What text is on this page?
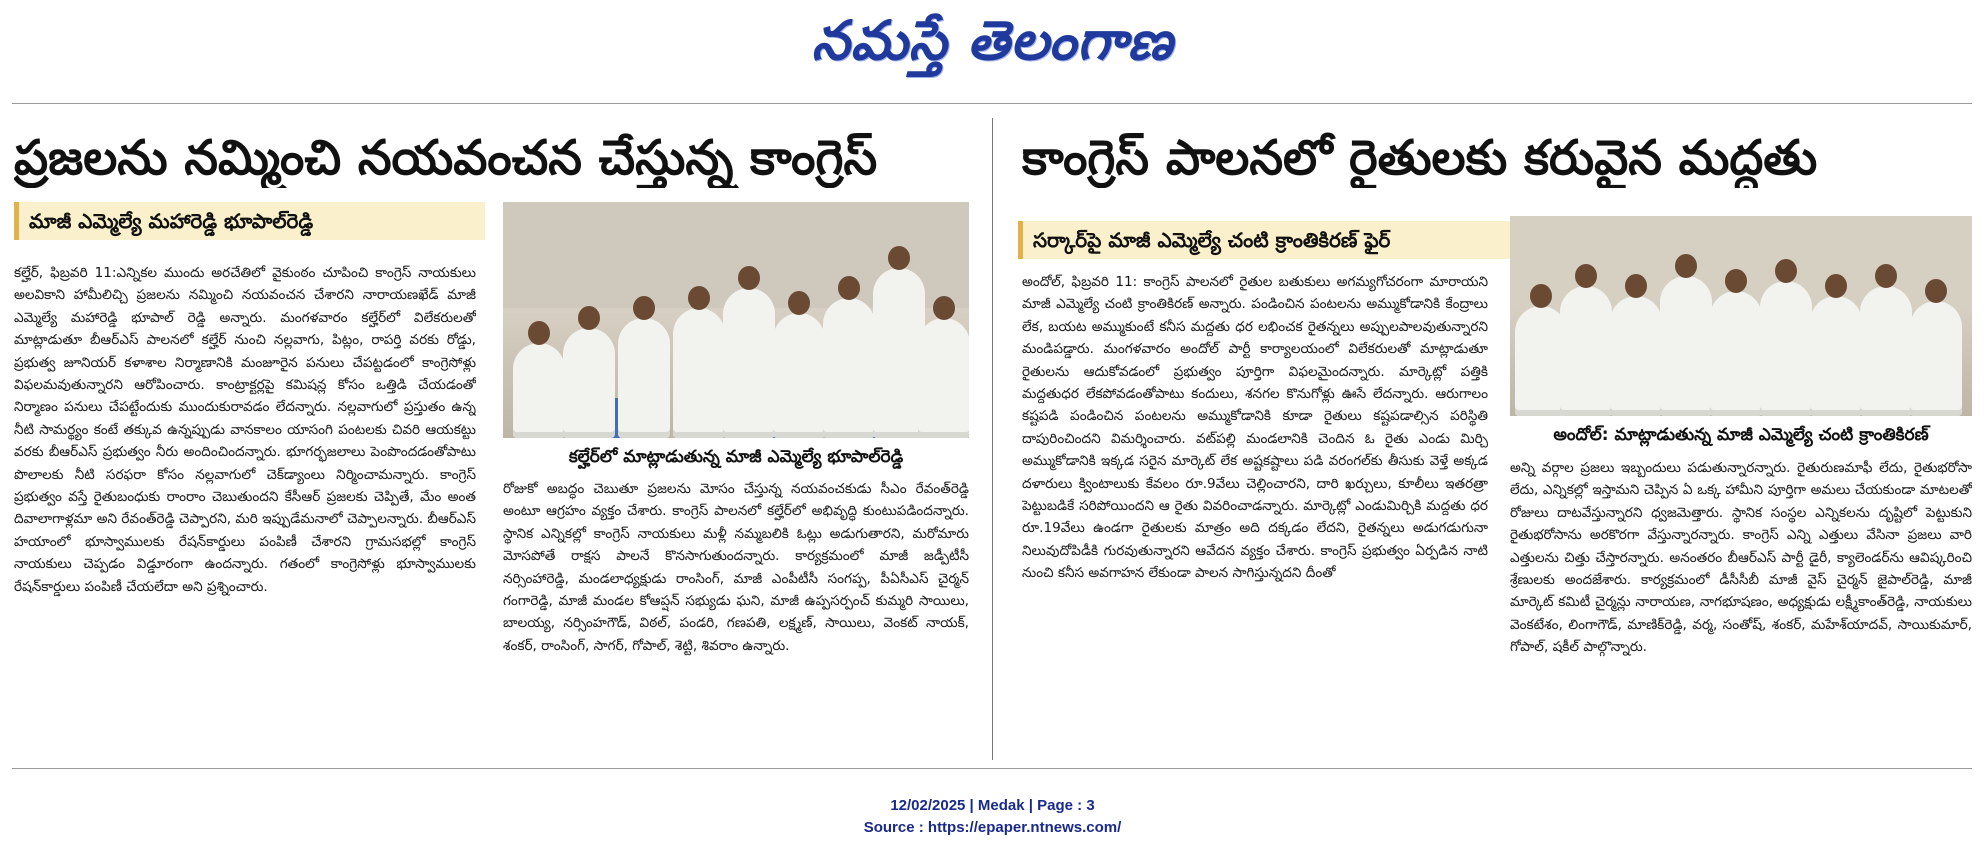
నమస్తే తెలంగాణ
ప్రజలను నమ్మించి నయవంచన చేస్తున్న కాంగ్రెస్
మాజీ ఎమ్మెల్యే మహారెడ్డి భూపాల్‌రెడ్డి
కల్హేర్‌లో మాట్లాడుతున్న మాజీ ఎమ్మెల్యే భూపాల్‌రెడ్డి

కల్హేర్, ఫిబ్రవరి 11:ఎన్నికల ముందు అరచేతిలో వైకుంఠం చూపించి కాంగ్రెస్ నాయకులు అలవికాని హామీలిచ్చి ప్రజలను నమ్మించి నయవంచన చేశారని నారాయణఖేడ్ మాజీ ఎమ్మెల్యే మహారెడ్డి భూపాల్ రెడ్డి అన్నారు. మంగళవారం కల్హేర్‌లో విలేకరులతో మాట్లాడుతూ బీఆర్ఎస్ పాలనలో కల్హేర్ నుంచి నల్లవాగు, పిట్లం, రాపర్తి వరకు రోడ్డు, ప్రభుత్వ జూనియర్ కళాశాల నిర్మాణానికి మంజూరైన పనులు చేపట్టడంలో కాంగ్రెసోళ్లు విఫలమవుతున్నారని ఆరోపించారు. కాంట్రాక్టర్లపై కమిషన్ల కోసం ఒత్తిడి చేయడంతో నిర్మాణం పనులు చేపట్టేందుకు ముందుకురావడం లేదన్నారు. నల్లవాగులో ప్రస్తుతం ఉన్న నీటి సామర్థ్యం కంటే తక్కువ ఉన్నప్పుడు వానకాలం యాసంగి పంటలకు చివరి ఆయకట్టు వరకు బీఆర్ఎస్ ప్రభుత్వం నీరు అందించిందన్నారు. భూగర్భజలాలు పెంపొందడంతోపాటు పొలాలకు నీటి సరఫరా కోసం నల్లవాగులో చెక్‌డ్యాంలు నిర్మించామన్నారు. కాంగ్రెస్ ప్రభుత్వం వస్తే రైతుబంధుకు రాంరాం చెబుతుందని కేసీఆర్ ప్రజలకు చెప్పితే, మేం అంత దివాలాగాళ్లమా అని రేవంత్‌రెడ్డి చెప్పారని, మరి ఇప్పుడేమనాలో చెప్పాలన్నారు. బీఆర్ఎస్ హయాంలో భూస్వాములకు రేషన్‌కార్డులు పంపిణీ చేశారని గ్రామసభల్లో కాంగ్రెస్ నాయకులు చెప్పడం విడ్డూరంగా ఉందన్నారు. గతంలో కాంగ్రెసోళ్లు భూస్వాములకు రేషన్‌కార్డులు పంపిణీ చేయలేదా అని ప్రశ్నించారు.

రోజుకో అబద్ధం చెబుతూ ప్రజలను మోసం చేస్తున్న నయవంచకుడు సీఎం రేవంత్‌రెడ్డి అంటూ ఆగ్రహం వ్యక్తం చేశారు. కాంగ్రెస్ పాలనలో కల్హేర్‌లో అభివృద్ధి కుంటుపడిందన్నారు. స్థానిక ఎన్నికల్లో కాంగ్రెస్ నాయకులు మళ్లీ నమ్మబలికి ఓట్లు అడుగుతారని, మరోమారు మోసపోతే రాక్షస పాలనే కొనసాగుతుందన్నారు. కార్యక్రమంలో మాజీ జడ్పీటీసీ నర్సింహారెడ్డి, మండలాధ్యక్షుడు రాంసింగ్, మాజీ ఎంపీటీసీ సంగప్ప, పీఏసీఎస్ చైర్మన్ గంగారెడ్డి, మాజీ మండల కోఆప్షన్ సభ్యుడు ఘని, మాజీ ఉప్పసర్పంచ్ కుమ్మరి సాయిలు, బాలయ్య, నర్సింహగౌడ్, విఠల్, పండరి, గణపతి, లక్ష్మణ్, సాయిలు, వెంకట్ నాయక్, శంకర్, రాంసింగ్, సాగర్, గోపాల్, శెట్టి, శివరాం ఉన్నారు.

కాంగ్రెస్ పాలనలో రైతులకు కరువైన మద్దతు
సర్కార్‌పై మాజీ ఎమ్మెల్యే చంటి క్రాంతికిరణ్ ఫైర్
అందోల్: మాట్లాడుతున్న మాజీ ఎమ్మెల్యే చంటి క్రాంతికిరణ్

అందోల్, ఫిబ్రవరి 11: కాంగ్రెస్ పాలనలో రైతుల బతుకులు అగమ్యగోచరంగా మారాయని మాజీ ఎమ్మెల్యే చంటి క్రాంతికిరణ్ అన్నారు. పండించిన పంటలను అమ్ముకోడానికి కేంద్రాలు లేక, బయట అమ్ముకుంటే కనీస మద్దతు ధర లభించక రైతన్నలు అప్పులపాలవుతున్నారని మండిపడ్డారు. మంగళవారం అందోల్ పార్టీ కార్యాలయంలో విలేకరులతో మాట్లాడుతూ రైతులను ఆదుకోవడంలో ప్రభుత్వం పూర్తిగా విఫలమైందన్నారు. మార్కెట్లో పత్తికి మద్దతుధర లేకపోవడంతోపాటు కందులు, శనగల కొనుగోళ్లు ఊసే లేదన్నారు. ఆరుగాలం కష్టపడి పండించిన పంటలను అమ్ముకోడానికి కూడా రైతులు కష్టపడాల్సిన పరిస్థితి దాపురించిందని విమర్శించారు. వట్‌పల్లి మండలానికి చెందిన ఓ రైతు ఎండు మిర్చి అమ్ముకోడానికి ఇక్కడ సరైన మార్కెట్ లేక అష్టకష్టాలు పడి వరంగల్‌కు తీసుకు వెళ్తే అక్కడ దళారులు క్వింటాలుకు కేవలం రూ.9వేలు చెల్లించారని, దారి ఖర్చులు, కూలీలు ఇతరత్రా పెట్టుబడికే సరిపోయిందని ఆ రైతు వివరించాడన్నారు. మార్కెట్లో ఎండుమిర్చికి మద్దతు ధర రూ.19వేలు ఉండగా రైతులకు మాత్రం అది దక్కడం లేదని, రైతన్నలు అడుగడుగునా నిలువుదోపిడీకి గురవుతున్నారని ఆవేదన వ్యక్తం చేశారు. కాంగ్రెస్ ప్రభుత్వం ఏర్పడిన నాటి నుంచి కనీస అవగాహన లేకుండా పాలన సాగిస్తున్నదని దీంతో

అన్ని వర్గాల ప్రజలు ఇబ్బందులు పడుతున్నారన్నారు. రైతురుణమాఫీ లేదు, రైతుభరోసా లేదు, ఎన్నికల్లో ఇస్తామని చెప్పిన ఏ ఒక్క హామీని పూర్తిగా అమలు చేయకుండా మాటలతో రోజులు దాటవేస్తున్నారని ధ్వజమెత్తారు. స్థానిక సంస్థల ఎన్నికలను దృష్టిలో పెట్టుకుని రైతుభరోసాను అరకొరగా వేస్తున్నారన్నారు. కాంగ్రెస్ ఎన్ని ఎత్తులు వేసినా ప్రజలు వారి ఎత్తులను చిత్తు చేస్తారన్నారు. అనంతరం బీఆర్ఎస్ పార్టీ డైరీ, క్యాలెండర్‌ను ఆవిష్కరించి శ్రేణులకు అందజేశారు. కార్యక్రమంలో డీసీసీబీ మాజీ వైస్ చైర్మన్ జైపాల్‌రెడ్డి, మాజీ మార్కెట్ కమిటీ చైర్మన్లు నారాయణ, నాగభూషణం, అధ్యక్షుడు లక్ష్మీకాంత్‌రెడ్డి, నాయకులు వెంకటేశం, లింగాగౌడ్, మాణిక్‌రెడ్డి, వర్మ, సంతోష్, శంకర్, మహేశ్‌యాదవ్, సాయికుమార్, గోపాల్, షకీల్ పాల్గొన్నారు.

12/02/2025 | Medak | Page : 3
Source : https://epaper.ntnews.com/
